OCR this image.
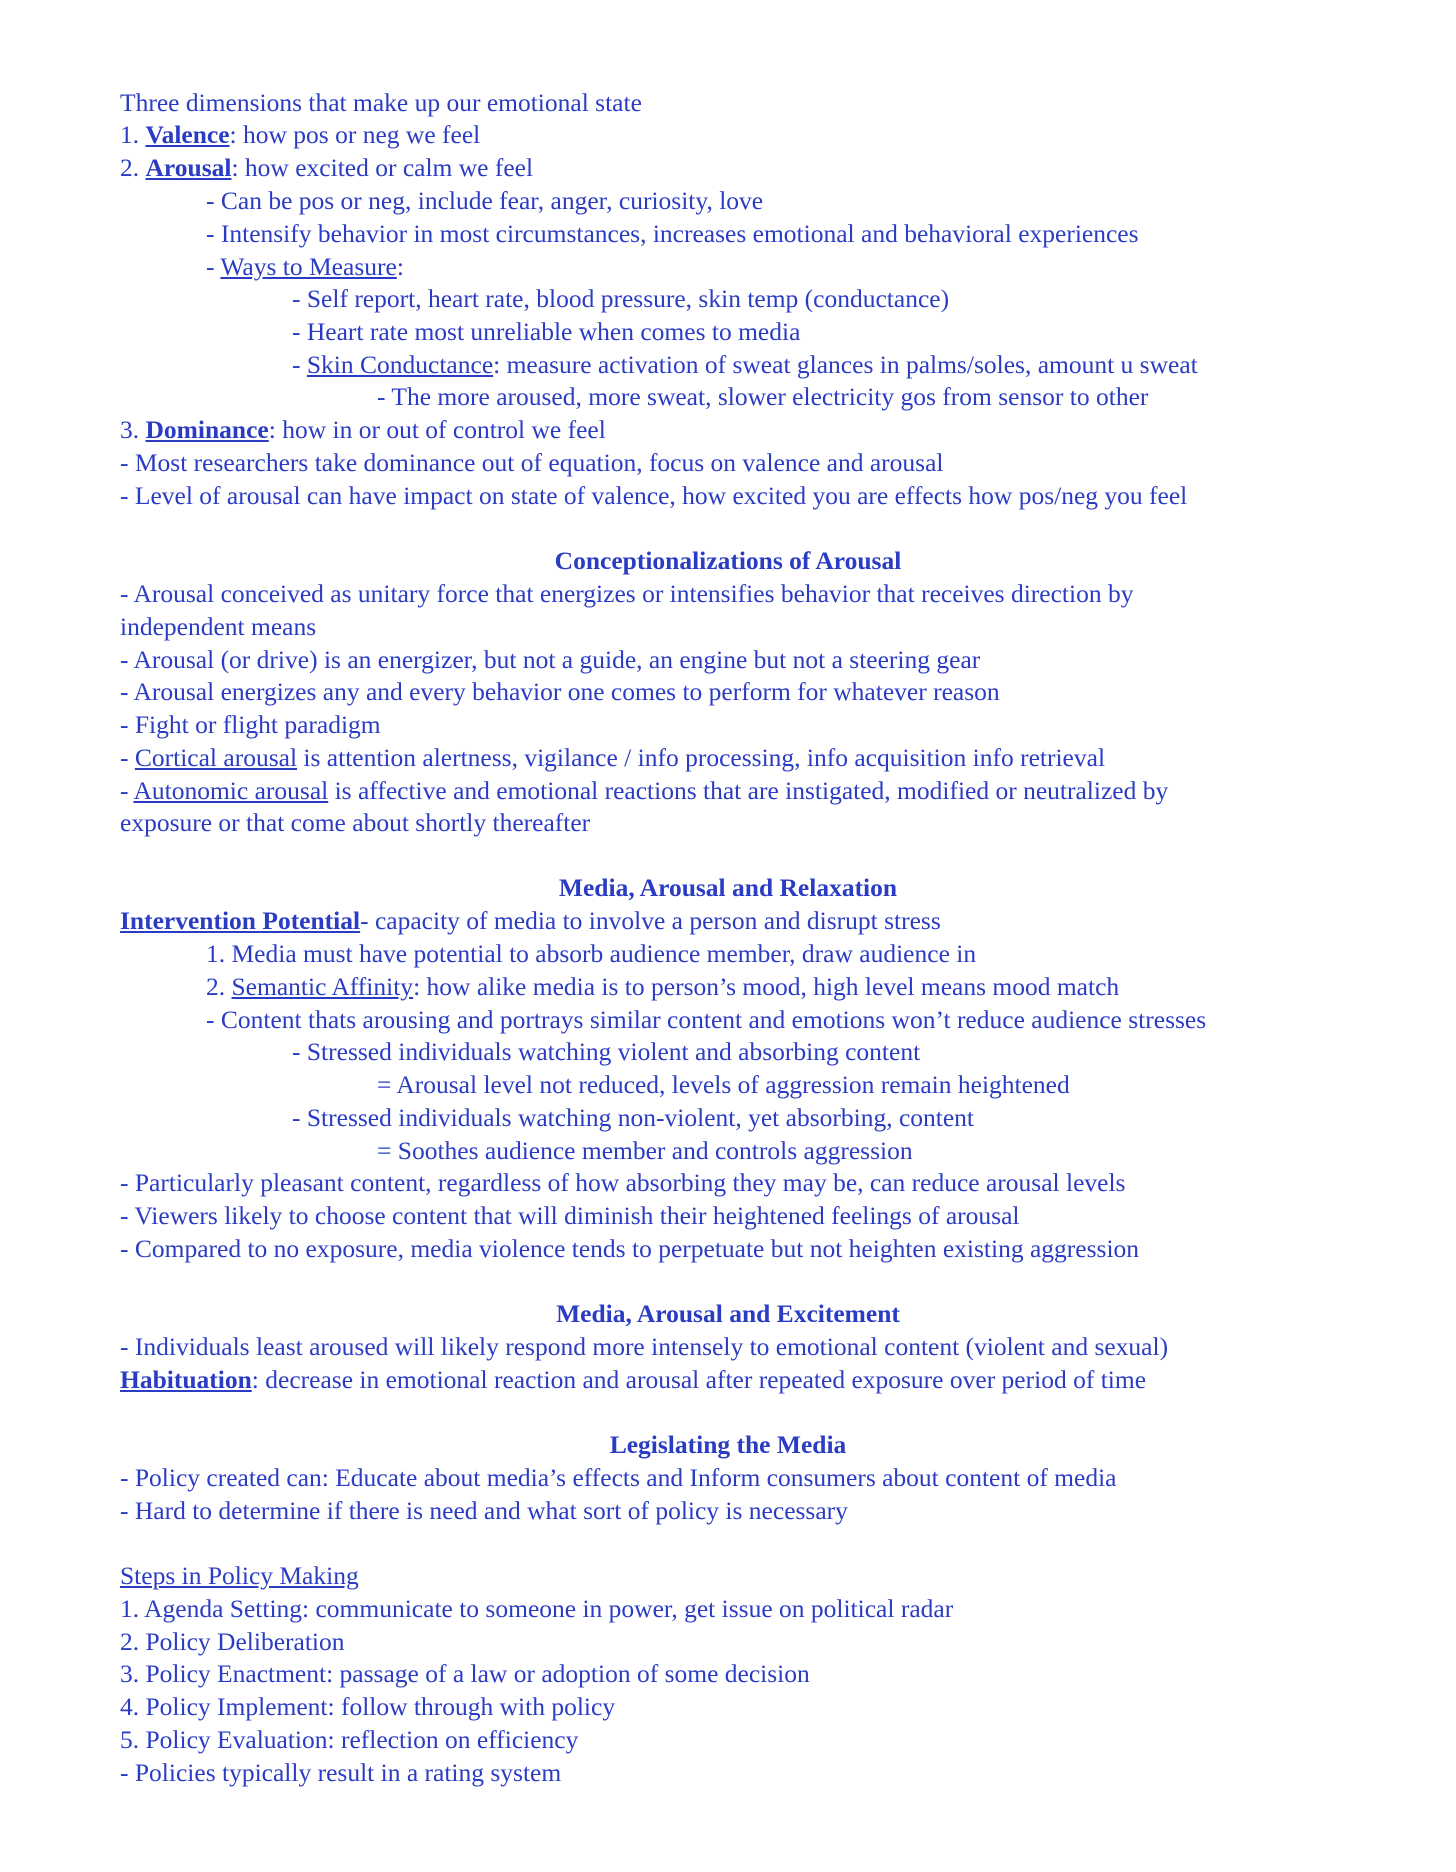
Three dimensions that make up our emotional state
1. Valence: how pos or neg we feel
2. Arousal: how excited or calm we feel
- Can be pos or neg, include fear, anger, curiosity, love
- Intensify behavior in most circumstances, increases emotional and behavioral experiences
- Ways to Measure:
- Self report, heart rate, blood pressure, skin temp (conductance)
- Heart rate most unreliable when comes to media
- Skin Conductance: measure activation of sweat glances in palms/soles, amount u sweat
- The more aroused, more sweat, slower electricity gos from sensor to other
3. Dominance: how in or out of control we feel
- Most researchers take dominance out of equation, focus on valence and arousal
- Level of arousal can have impact on state of valence, how excited you are effects how pos/neg you feel
Conceptionalizations of Arousal
- Arousal conceived as unitary force that energizes or intensifies behavior that receives direction by
independent means
- Arousal (or drive) is an energizer, but not a guide, an engine but not a steering gear
- Arousal energizes any and every behavior one comes to perform for whatever reason
- Fight or flight paradigm
- Cortical arousal is attention alertness, vigilance / info processing, info acquisition info retrieval
- Autonomic arousal is affective and emotional reactions that are instigated, modified or neutralized by
exposure or that come about shortly thereafter
Media, Arousal and Relaxation
Intervention Potential- capacity of media to involve a person and disrupt stress
1. Media must have potential to absorb audience member, draw audience in
2. Semantic Affinity: how alike media is to person’s mood, high level means mood match
- Content thats arousing and portrays similar content and emotions won’t reduce audience stresses
- Stressed individuals watching violent and absorbing content
= Arousal level not reduced, levels of aggression remain heightened
- Stressed individuals watching non-violent, yet absorbing, content
= Soothes audience member and controls aggression
- Particularly pleasant content, regardless of how absorbing they may be, can reduce arousal levels
- Viewers likely to choose content that will diminish their heightened feelings of arousal
- Compared to no exposure, media violence tends to perpetuate but not heighten existing aggression
Media, Arousal and Excitement
- Individuals least aroused will likely respond more intensely to emotional content (violent and sexual)
Habituation: decrease in emotional reaction and arousal after repeated exposure over period of time
Legislating the Media
- Policy created can: Educate about media’s effects and Inform consumers about content of media
- Hard to determine if there is need and what sort of policy is necessary
Steps in Policy Making
1. Agenda Setting: communicate to someone in power, get issue on political radar
2. Policy Deliberation
3. Policy Enactment: passage of a law or adoption of some decision
4. Policy Implement: follow through with policy
5. Policy Evaluation: reflection on efficiency
- Policies typically result in a rating system
